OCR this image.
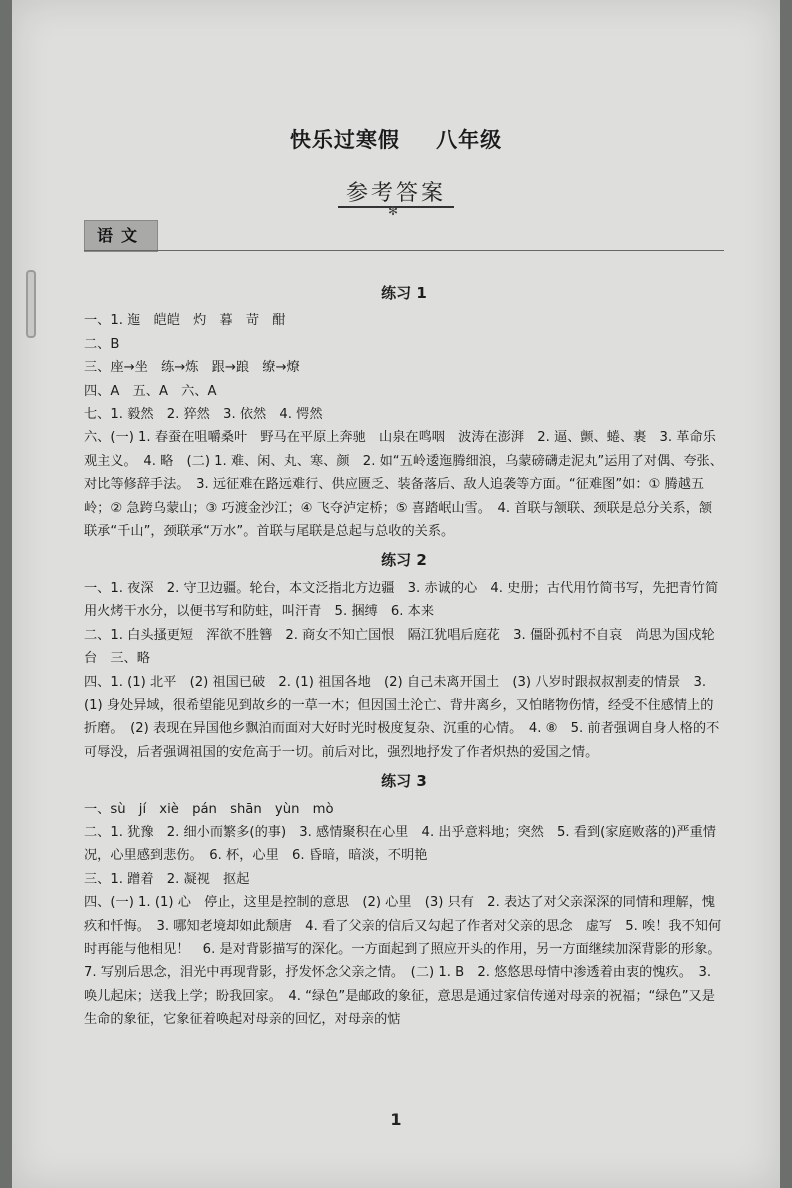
快乐过寒假 八年级
参考答案
✻
语文
练习 1
一、1. 迤　皑皑　灼　暮　苛　酣
二、B
三、座→坐　练→炼　跟→踉　缭→燎
四、A　五、A　六、A
七、1. 毅然　2. 猝然　3. 依然　4. 愕然
六、(一) 1. 春蚕在咀嚼桑叶　野马在平原上奔驰　山泉在鸣咽　波涛在澎湃　2. 逼、颤、蜷、裹　3. 革命乐观主义。　4. 略　(二) 1. 难、闲、丸、寒、颜　2. 如“五岭逶迤腾细浪，乌蒙磅礴走泥丸”运用了对偶、夸张、对比等修辞手法。　3. 远征难在路远难行、供应匮乏、装备落后、敌人追袭等方面。“征难图”如：① 腾越五岭；② 急跨乌蒙山；③ 巧渡金沙江；④ 飞夺泸定桥；⑤ 喜踏岷山雪。　4. 首联与颔联、颈联是总分关系，颔联承“千山”，颈联承“万水”。首联与尾联是总起与总收的关系。
练习 2
一、1. 夜深　2. 守卫边疆。轮台，本文泛指北方边疆　3. 赤诚的心　4. 史册；古代用竹简书写，先把青竹简用火烤干水分，以便书写和防蛀，叫汗青　5. 捆缚　6. 本来
二、1. 白头搔更短　浑欲不胜簪　2. 商女不知亡国恨　隔江犹唱后庭花　3. 僵卧孤村不自哀　尚思为国戍轮台　三、略
四、1. (1) 北平　(2) 祖国已破　2. (1) 祖国各地　(2) 自己未离开国土　(3) 八岁时跟叔叔割麦的情景　3. (1) 身处异域，很希望能见到故乡的一草一木；但因国土沦亡、背井离乡，又怕睹物伤情，经受不住感情上的折磨。　(2) 表现在异国他乡飘泊而面对大好时光时极度复杂、沉重的心情。　4. ⑧　5. 前者强调自身人格的不可辱没，后者强调祖国的安危高于一切。前后对比，强烈地抒发了作者炽热的爱国之情。
练习 3
一、sù　jí　xiè　pán　shān　yùn　mò
二、1. 犹豫　2. 细小而繁多(的事)　3. 感情聚积在心里　4. 出乎意料地；突然　5. 看到(家庭败落的)严重情况，心里感到悲伤。　6. 杯，心里　6. 昏暗，暗淡，不明艳
三、1. 蹭着　2. 凝视　抠起
四、(一) 1. (1) 心　停止，这里是控制的意思　(2) 心里　(3) 只有　2. 表达了对父亲深深的同情和理解，愧疚和忏悔。　3. 哪知老境却如此颓唐　4. 看了父亲的信后又勾起了作者对父亲的思念　虚写　5. 唉！我不知何时再能与他相见！　6. 是对背影描写的深化。一方面起到了照应开头的作用，另一方面继续加深背影的形象。　7. 写别后思念，泪光中再现背影，抒发怀念父亲之情。　(二) 1. B　2. 悠悠思母情中渗透着由衷的愧疚。　3. 唤儿起床；送我上学；盼我回家。　4. “绿色”是邮政的象征，意思是通过家信传递对母亲的祝福；“绿色”又是生命的象征，它象征着唤起对母亲的回忆，对母亲的惦
1
